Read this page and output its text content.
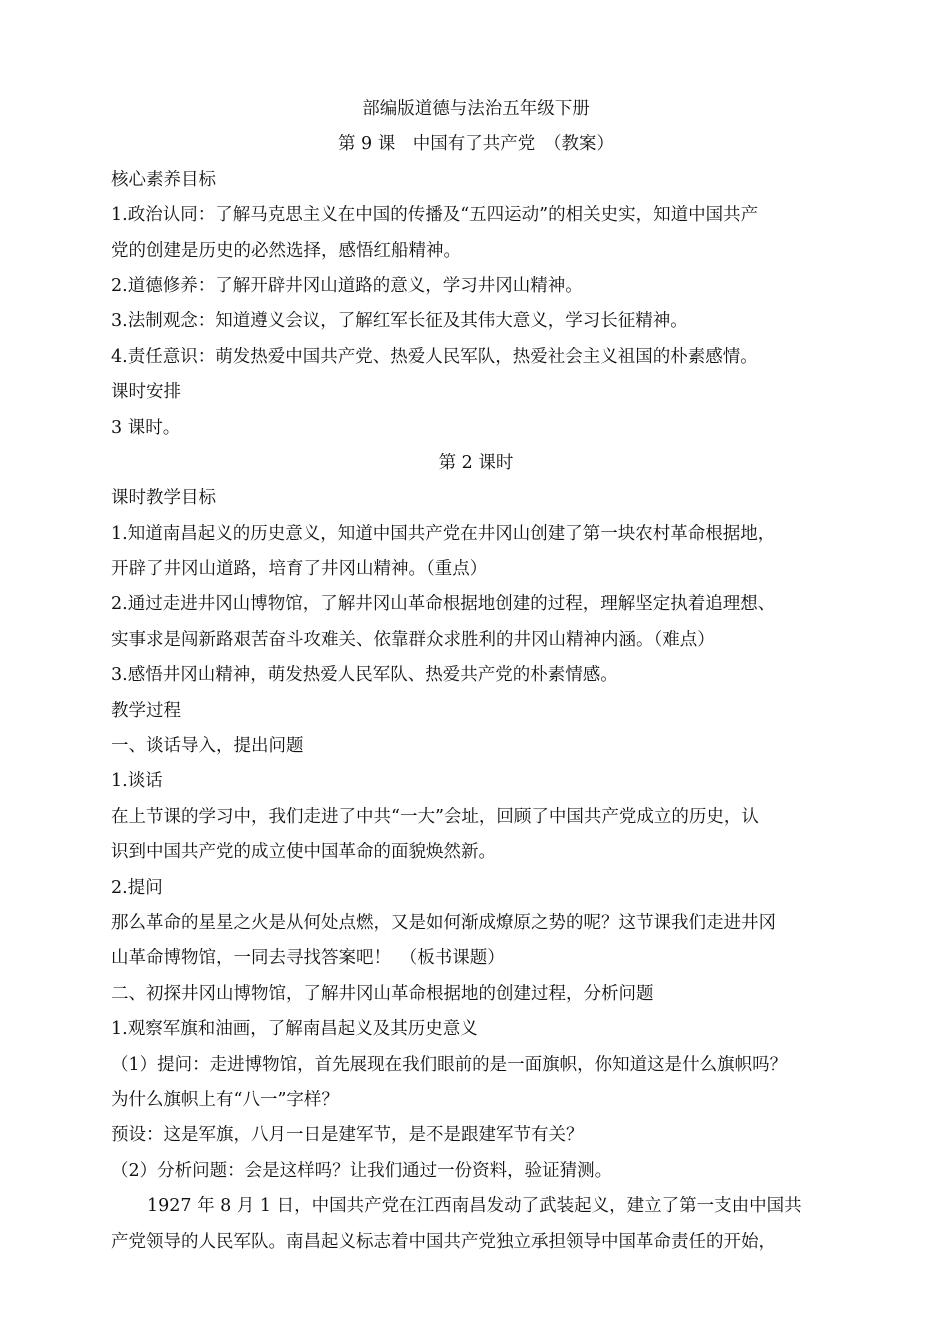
部编版道德与法治五年级下册
第 9 课　中国有了共产党　（教案）
核心素养目标
1.政治认同：了解马克思主义在中国的传播及“五四运动”的相关史实，知道中国共产
党的创建是历史的必然选择，感悟红船精神。
2.道德修养：了解开辟井冈山道路的意义，学习井冈山精神。
3.法制观念：知道遵义会议，了解红军长征及其伟大意义，学习长征精神。
4.责任意识：萌发热爱中国共产党、热爱人民军队，热爱社会主义祖国的朴素感情。
课时安排
3 课时。
第 2 课时
课时教学目标
1.知道南昌起义的历史意义，知道中国共产党在井冈山创建了第一块农村革命根据地，
开辟了井冈山道路，培育了井冈山精神。（重点）
2.通过走进井冈山博物馆，了解井冈山革命根据地创建的过程，理解坚定执着追理想、
实事求是闯新路艰苦奋斗攻难关、依靠群众求胜利的井冈山精神内涵。（难点）
3.感悟井冈山精神，萌发热爱人民军队、热爱共产党的朴素情感。
教学过程
一、谈话导入，提出问题
1.谈话
在上节课的学习中，我们走进了中共“一大”会址，回顾了中国共产党成立的历史，认
识到中国共产党的成立使中国革命的面貌焕然新。
2.提问
那么革命的星星之火是从何处点燃，又是如何渐成燎原之势的呢？这节课我们走进井冈
山革命博物馆，一同去寻找答案吧！　（板书课题）
二、初探井冈山博物馆，了解井冈山革命根据地的创建过程，分析问题
1.观察军旗和油画，了解南昌起义及其历史意义
（1）提问：走进博物馆，首先展现在我们眼前的是一面旗帜，你知道这是什么旗帜吗？
为什么旗帜上有“八一”字样？
预设：这是军旗，八月一日是建军节，是不是跟建军节有关？
（2）分析问题：会是这样吗？让我们通过一份资料，验证猜测。
1927 年 8 月 1 日，中国共产党在江西南昌发动了武装起义，建立了第一支由中国共
产党领导的人民军队。南昌起义标志着中国共产党独立承担领导中国革命责任的开始，
